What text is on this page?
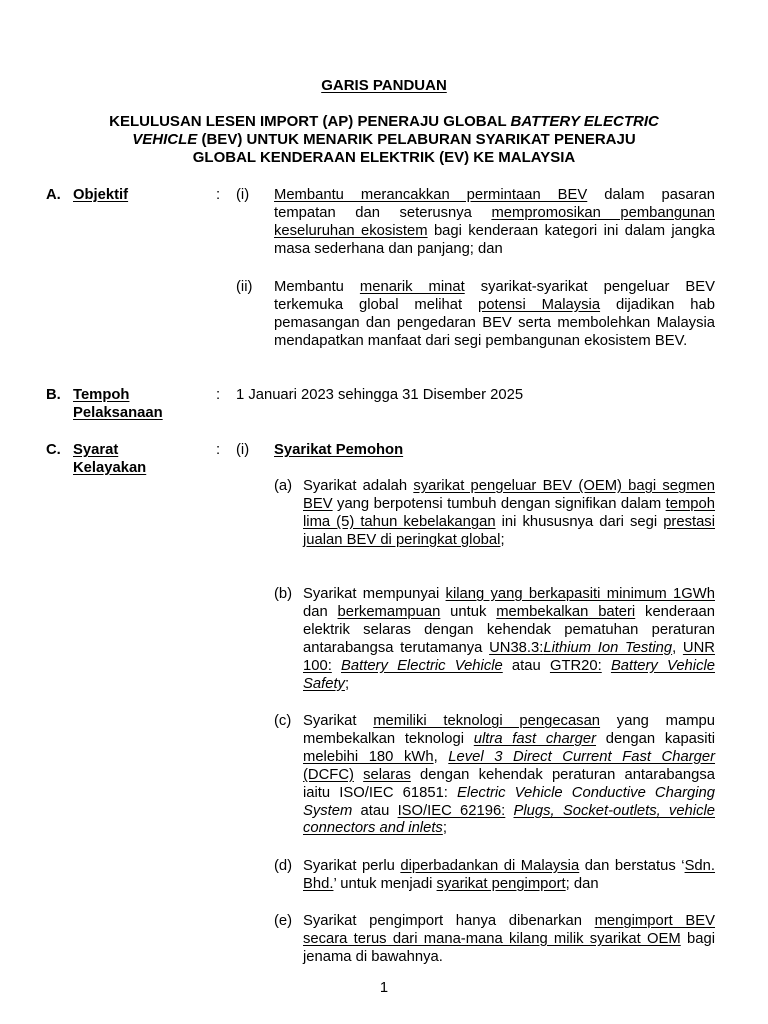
GARIS PANDUAN
KELULUSAN LESEN IMPORT (AP) PENERAJU GLOBAL BATTERY ELECTRIC
VEHICLE (BEV) UNTUK MENARIK PELABURAN SYARIKAT PENERAJU
GLOBAL KENDERAAN ELEKTRIK (EV) KE MALAYSIA
A. Objektif	: (i) Membantu merancakkan permintaan BEV dalam pasaran tempatan dan seterusnya mempromosikan pembangunan keseluruhan ekosistem bagi kenderaan kategori ini dalam jangka masa sederhana dan panjang; dan
(ii) Membantu menarik minat syarikat-syarikat pengeluar BEV terkemuka global melihat potensi Malaysia dijadikan hab pemasangan dan pengedaran BEV serta membolehkan Malaysia mendapatkan manfaat dari segi pembangunan ekosistem BEV.
B. Tempoh
Pelaksanaan
: 1 Januari 2023 sehingga 31 Disember 2025
C. Syarat
Kelayakan
: (i) Syarikat Pemohon
(a) Syarikat adalah syarikat pengeluar BEV (OEM) bagi segmen BEV yang berpotensi tumbuh dengan signifikan dalam tempoh lima (5) tahun kebelakangan ini khususnya dari segi prestasi jualan BEV di peringkat global;
(b) Syarikat mempunyai kilang yang berkapasiti minimum 1GWh dan berkemampuan untuk membekalkan bateri kenderaan elektrik selaras dengan kehendak pematuhan peraturan antarabangsa terutamanya UN38.3:Lithium Ion Testing, UNR 100: Battery Electric Vehicle atau GTR20: Battery Vehicle Safety;
(c) Syarikat memiliki teknologi pengecasan yang mampu membekalkan teknologi ultra fast charger dengan kapasiti melebihi 180 kWh, Level 3 Direct Current Fast Charger (DCFC) selaras dengan kehendak peraturan antarabangsa iaitu ISO/IEC 61851: Electric Vehicle Conductive Charging System atau ISO/IEC 62196: Plugs, Socket-outlets, vehicle connectors and inlets;
(d) Syarikat perlu diperbadankan di Malaysia dan berstatus ‘Sdn. Bhd.’ untuk menjadi syarikat pengimport; dan
(e) Syarikat pengimport hanya dibenarkan mengimport BEV secara terus dari mana-mana kilang milik syarikat OEM bagi jenama di bawahnya.
1
